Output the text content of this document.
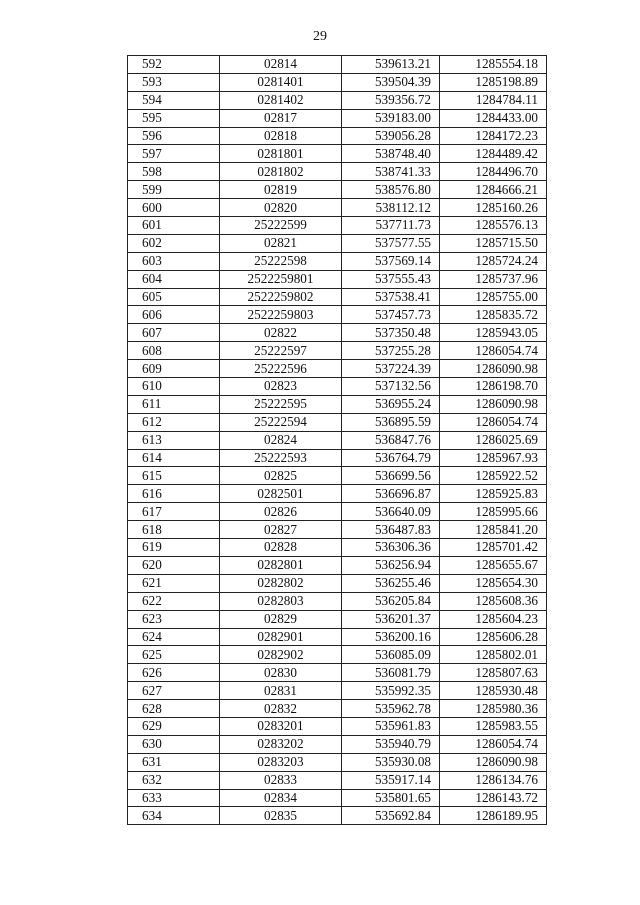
29
592	02814	539613.21	1285554.18
593	0281401	539504.39	1285198.89
594	0281402	539356.72	1284784.11
595	02817	539183.00	1284433.00
596	02818	539056.28	1284172.23
597	0281801	538748.40	1284489.42
598	0281802	538741.33	1284496.70
599	02819	538576.80	1284666.21
600	02820	538112.12	1285160.26
601	25222599	537711.73	1285576.13
602	02821	537577.55	1285715.50
603	25222598	537569.14	1285724.24
604	2522259801	537555.43	1285737.96
605	2522259802	537538.41	1285755.00
606	2522259803	537457.73	1285835.72
607	02822	537350.48	1285943.05
608	25222597	537255.28	1286054.74
609	25222596	537224.39	1286090.98
610	02823	537132.56	1286198.70
611	25222595	536955.24	1286090.98
612	25222594	536895.59	1286054.74
613	02824	536847.76	1286025.69
614	25222593	536764.79	1285967.93
615	02825	536699.56	1285922.52
616	0282501	536696.87	1285925.83
617	02826	536640.09	1285995.66
618	02827	536487.83	1285841.20
619	02828	536306.36	1285701.42
620	0282801	536256.94	1285655.67
621	0282802	536255.46	1285654.30
622	0282803	536205.84	1285608.36
623	02829	536201.37	1285604.23
624	0282901	536200.16	1285606.28
625	0282902	536085.09	1285802.01
626	02830	536081.79	1285807.63
627	02831	535992.35	1285930.48
628	02832	535962.78	1285980.36
629	0283201	535961.83	1285983.55
630	0283202	535940.79	1286054.74
631	0283203	535930.08	1286090.98
632	02833	535917.14	1286134.76
633	02834	535801.65	1286143.72
634	02835	535692.84	1286189.95
